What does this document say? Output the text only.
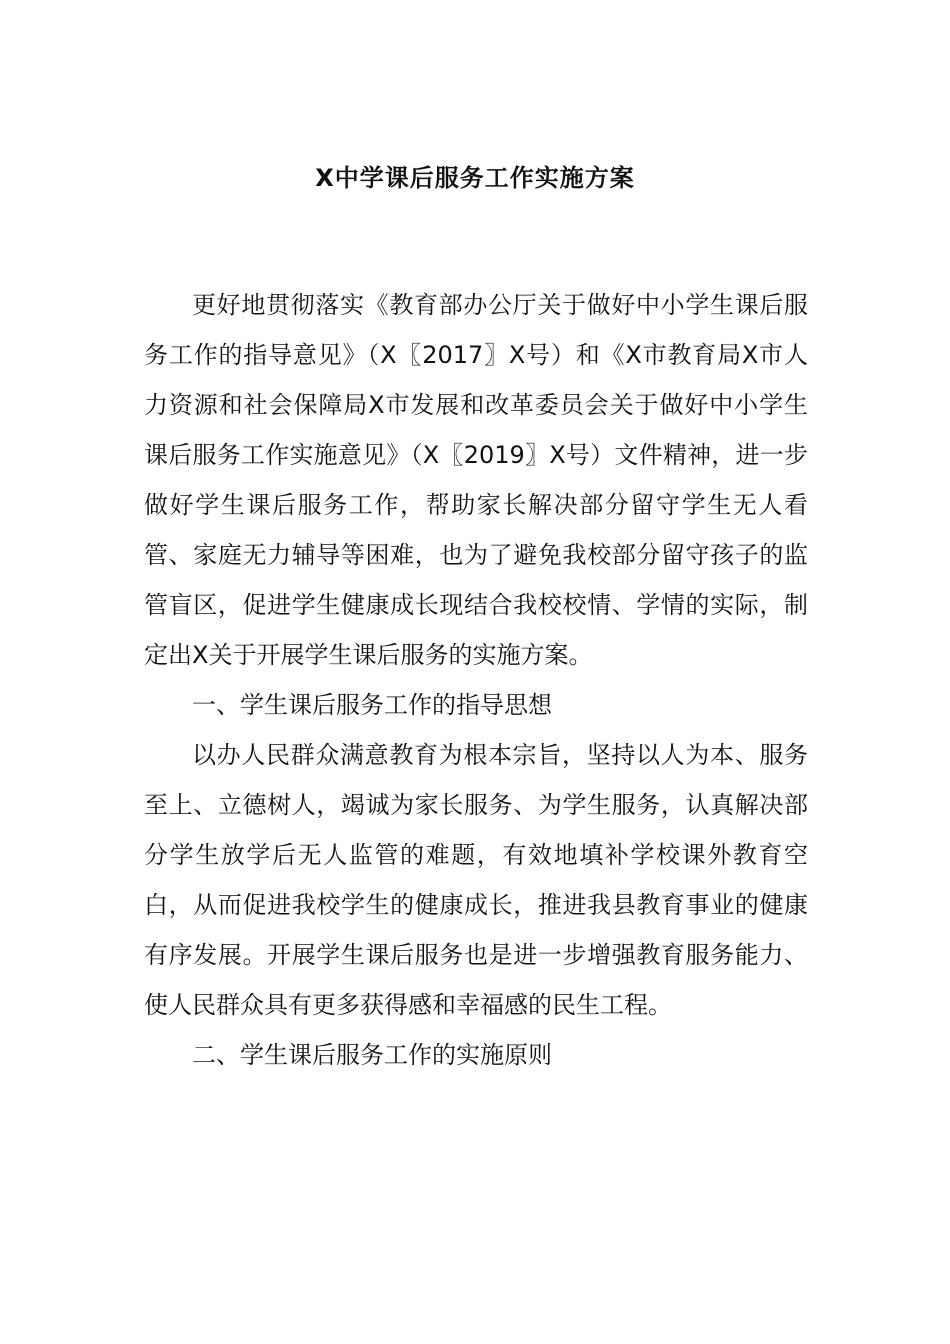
X中学课后服务工作实施方案

更好地贯彻落实《教育部办公厅关于做好中小学生课后服务工作的指导意见》（X〖2017〗X号）和《X市教育局X市人力资源和社会保障局X市发展和改革委员会关于做好中小学生课后服务工作实施意见》（X〖2019〗X号）文件精神，进一步做好学生课后服务工作，帮助家长解决部分留守学生无人看管、家庭无力辅导等困难，也为了避免我校部分留守孩子的监管盲区，促进学生健康成长现结合我校校情、学情的实际，制定出X关于开展学生课后服务的实施方案。

一、学生课后服务工作的指导思想

以办人民群众满意教育为根本宗旨，坚持以人为本、服务至上、立德树人，竭诚为家长服务、为学生服务，认真解决部分学生放学后无人监管的难题，有效地填补学校课外教育空白，从而促进我校学生的健康成长，推进我县教育事业的健康有序发展。开展学生课后服务也是进一步增强教育服务能力、使人民群众具有更多获得感和幸福感的民生工程。

二、学生课后服务工作的实施原则
